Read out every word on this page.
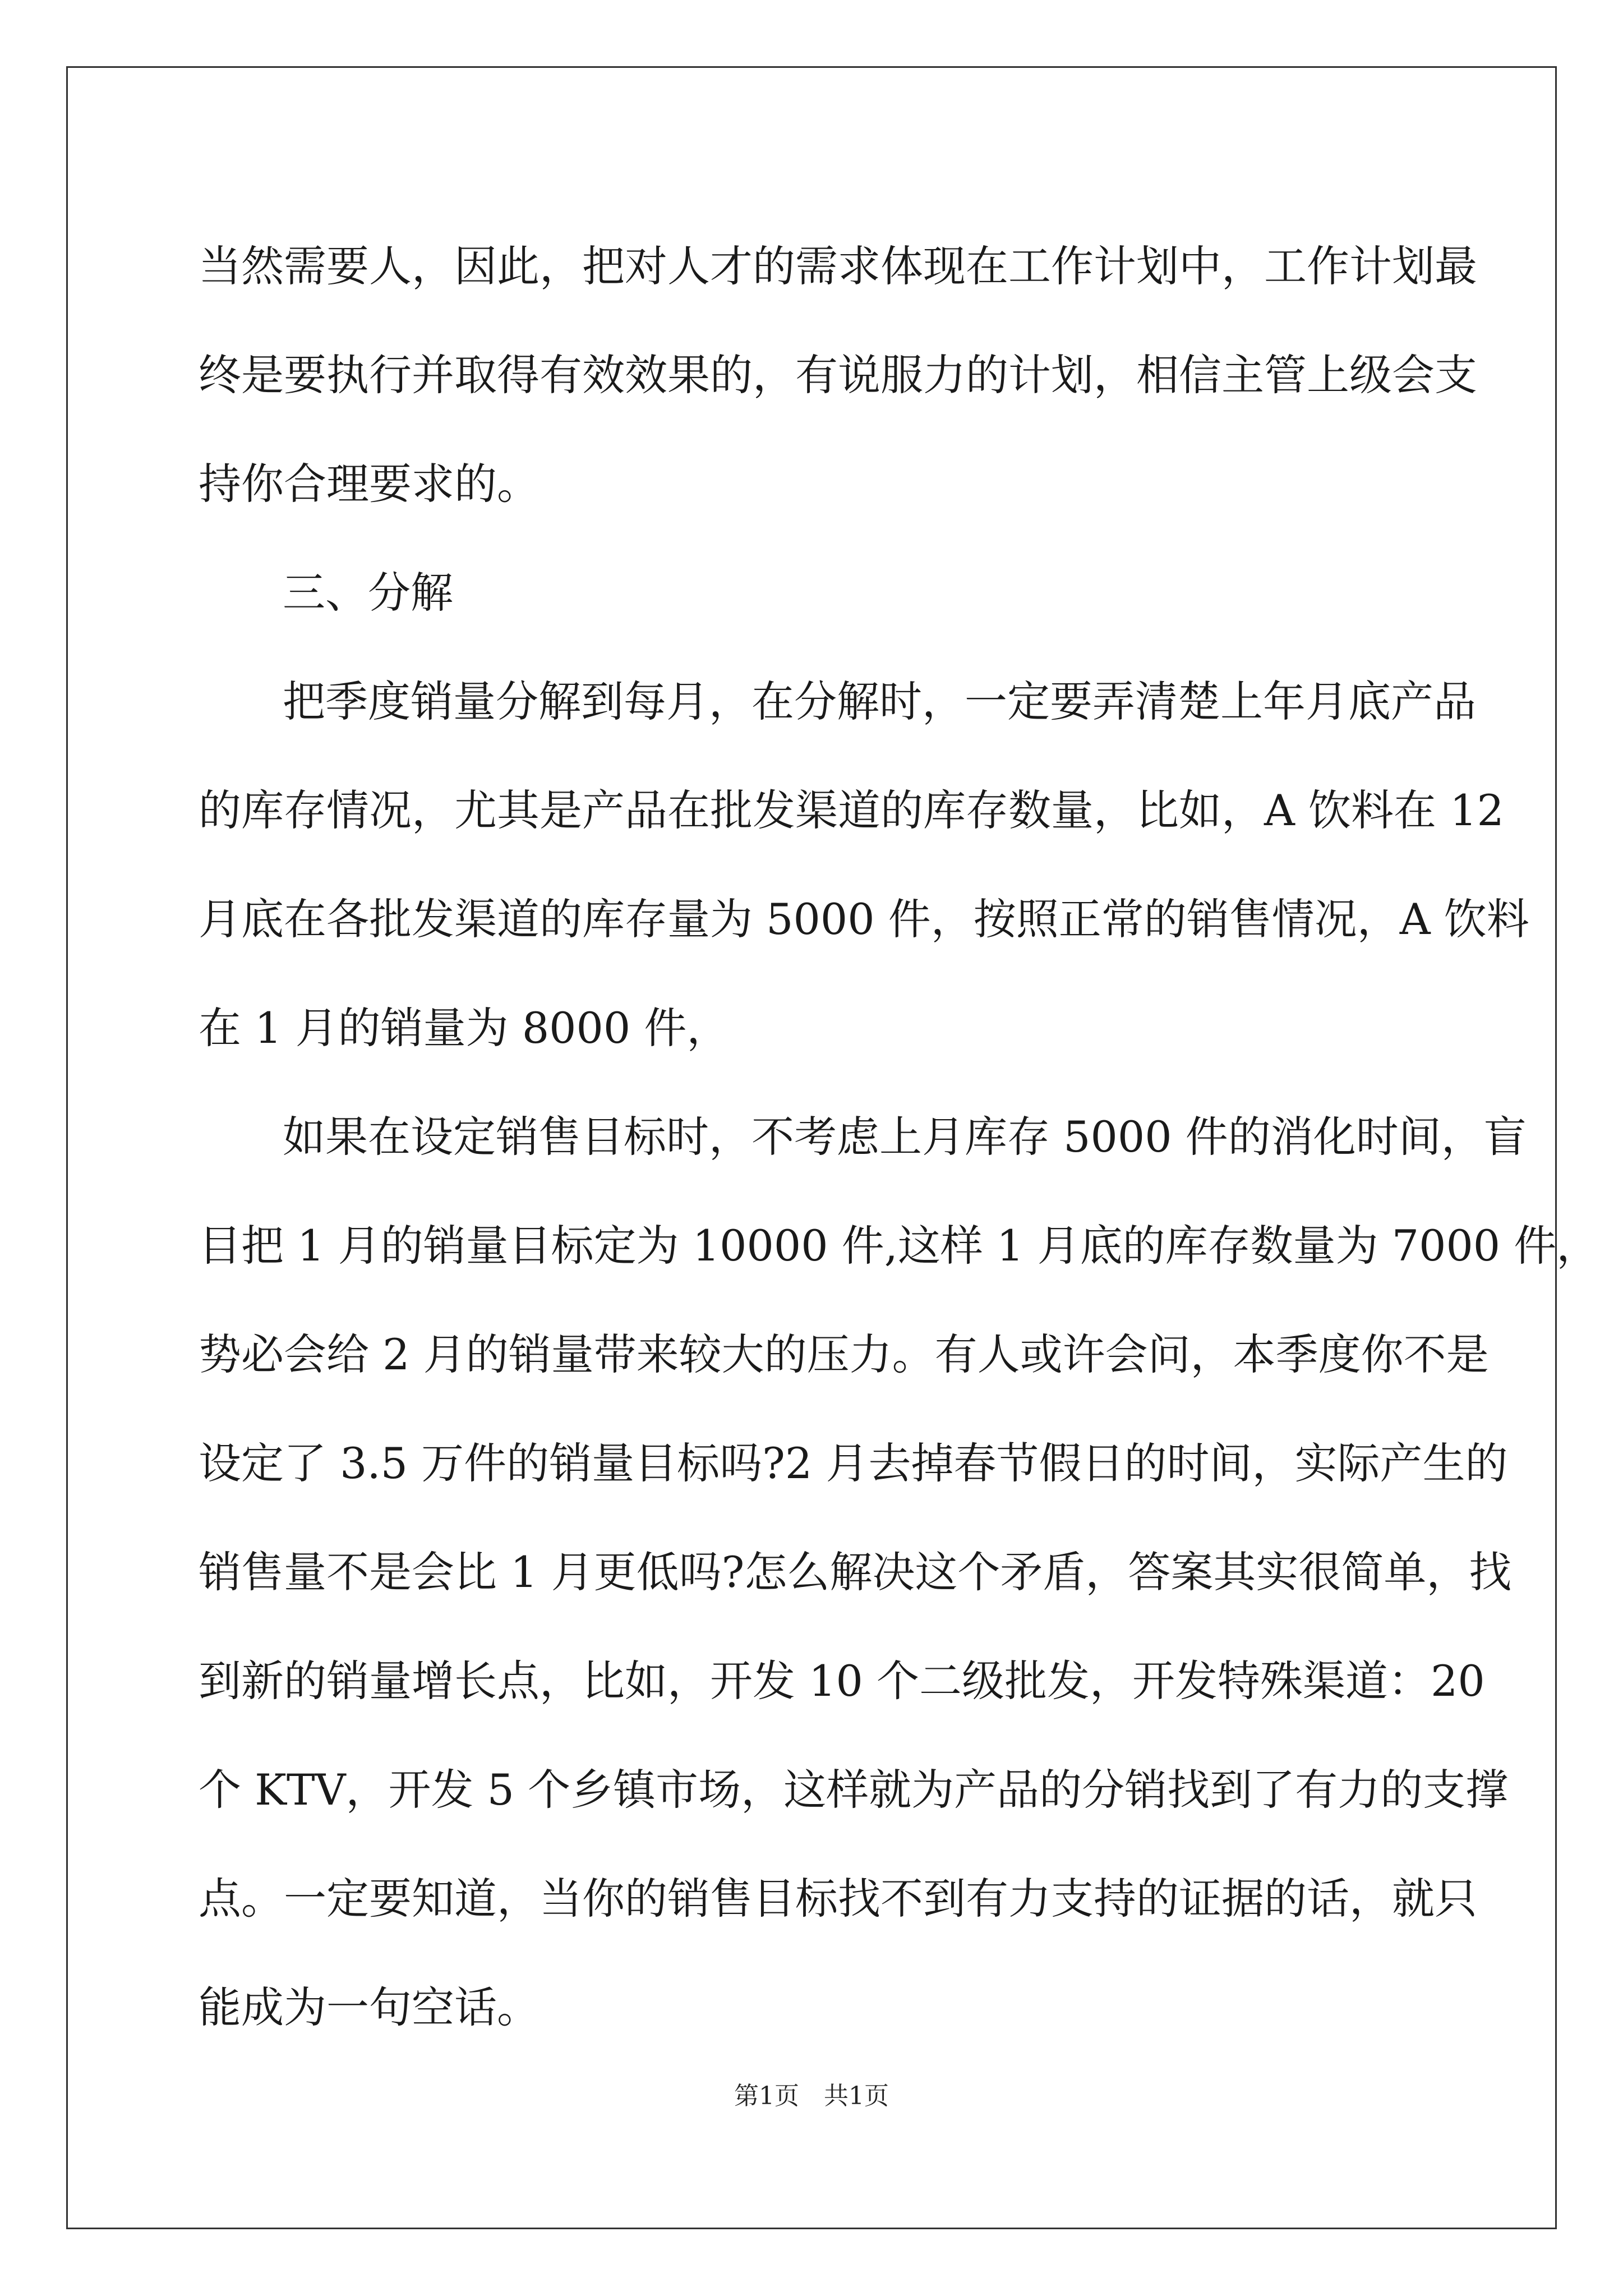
当然需要人，因此，把对人才的需求体现在工作计划中，工作计划最
终是要执行并取得有效效果的，有说服力的计划，相信主管上级会支
持你合理要求的。
三、分解
把季度销量分解到每月，在分解时，一定要弄清楚上年月底产品
的库存情况，尤其是产品在批发渠道的库存数量，比如，A 饮料在 12
月底在各批发渠道的库存量为 5000 件，按照正常的销售情况，A 饮料
在 1 月的销量为 8000 件，
如果在设定销售目标时，不考虑上月库存 5000 件的消化时间，盲
目把 1 月的销量目标定为 10000 件,这样 1 月底的库存数量为 7000 件，
势必会给 2 月的销量带来较大的压力。有人或许会问，本季度你不是
设定了 3.5 万件的销量目标吗?2 月去掉春节假日的时间，实际产生的
销售量不是会比 1 月更低吗?怎么解决这个矛盾，答案其实很简单，找
到新的销量增长点，比如，开发 10 个二级批发，开发特殊渠道：20
个 KTV，开发 5 个乡镇市场，这样就为产品的分销找到了有力的支撑
点。一定要知道，当你的销售目标找不到有力支持的证据的话，就只
能成为一句空话。
第1页 共1页
